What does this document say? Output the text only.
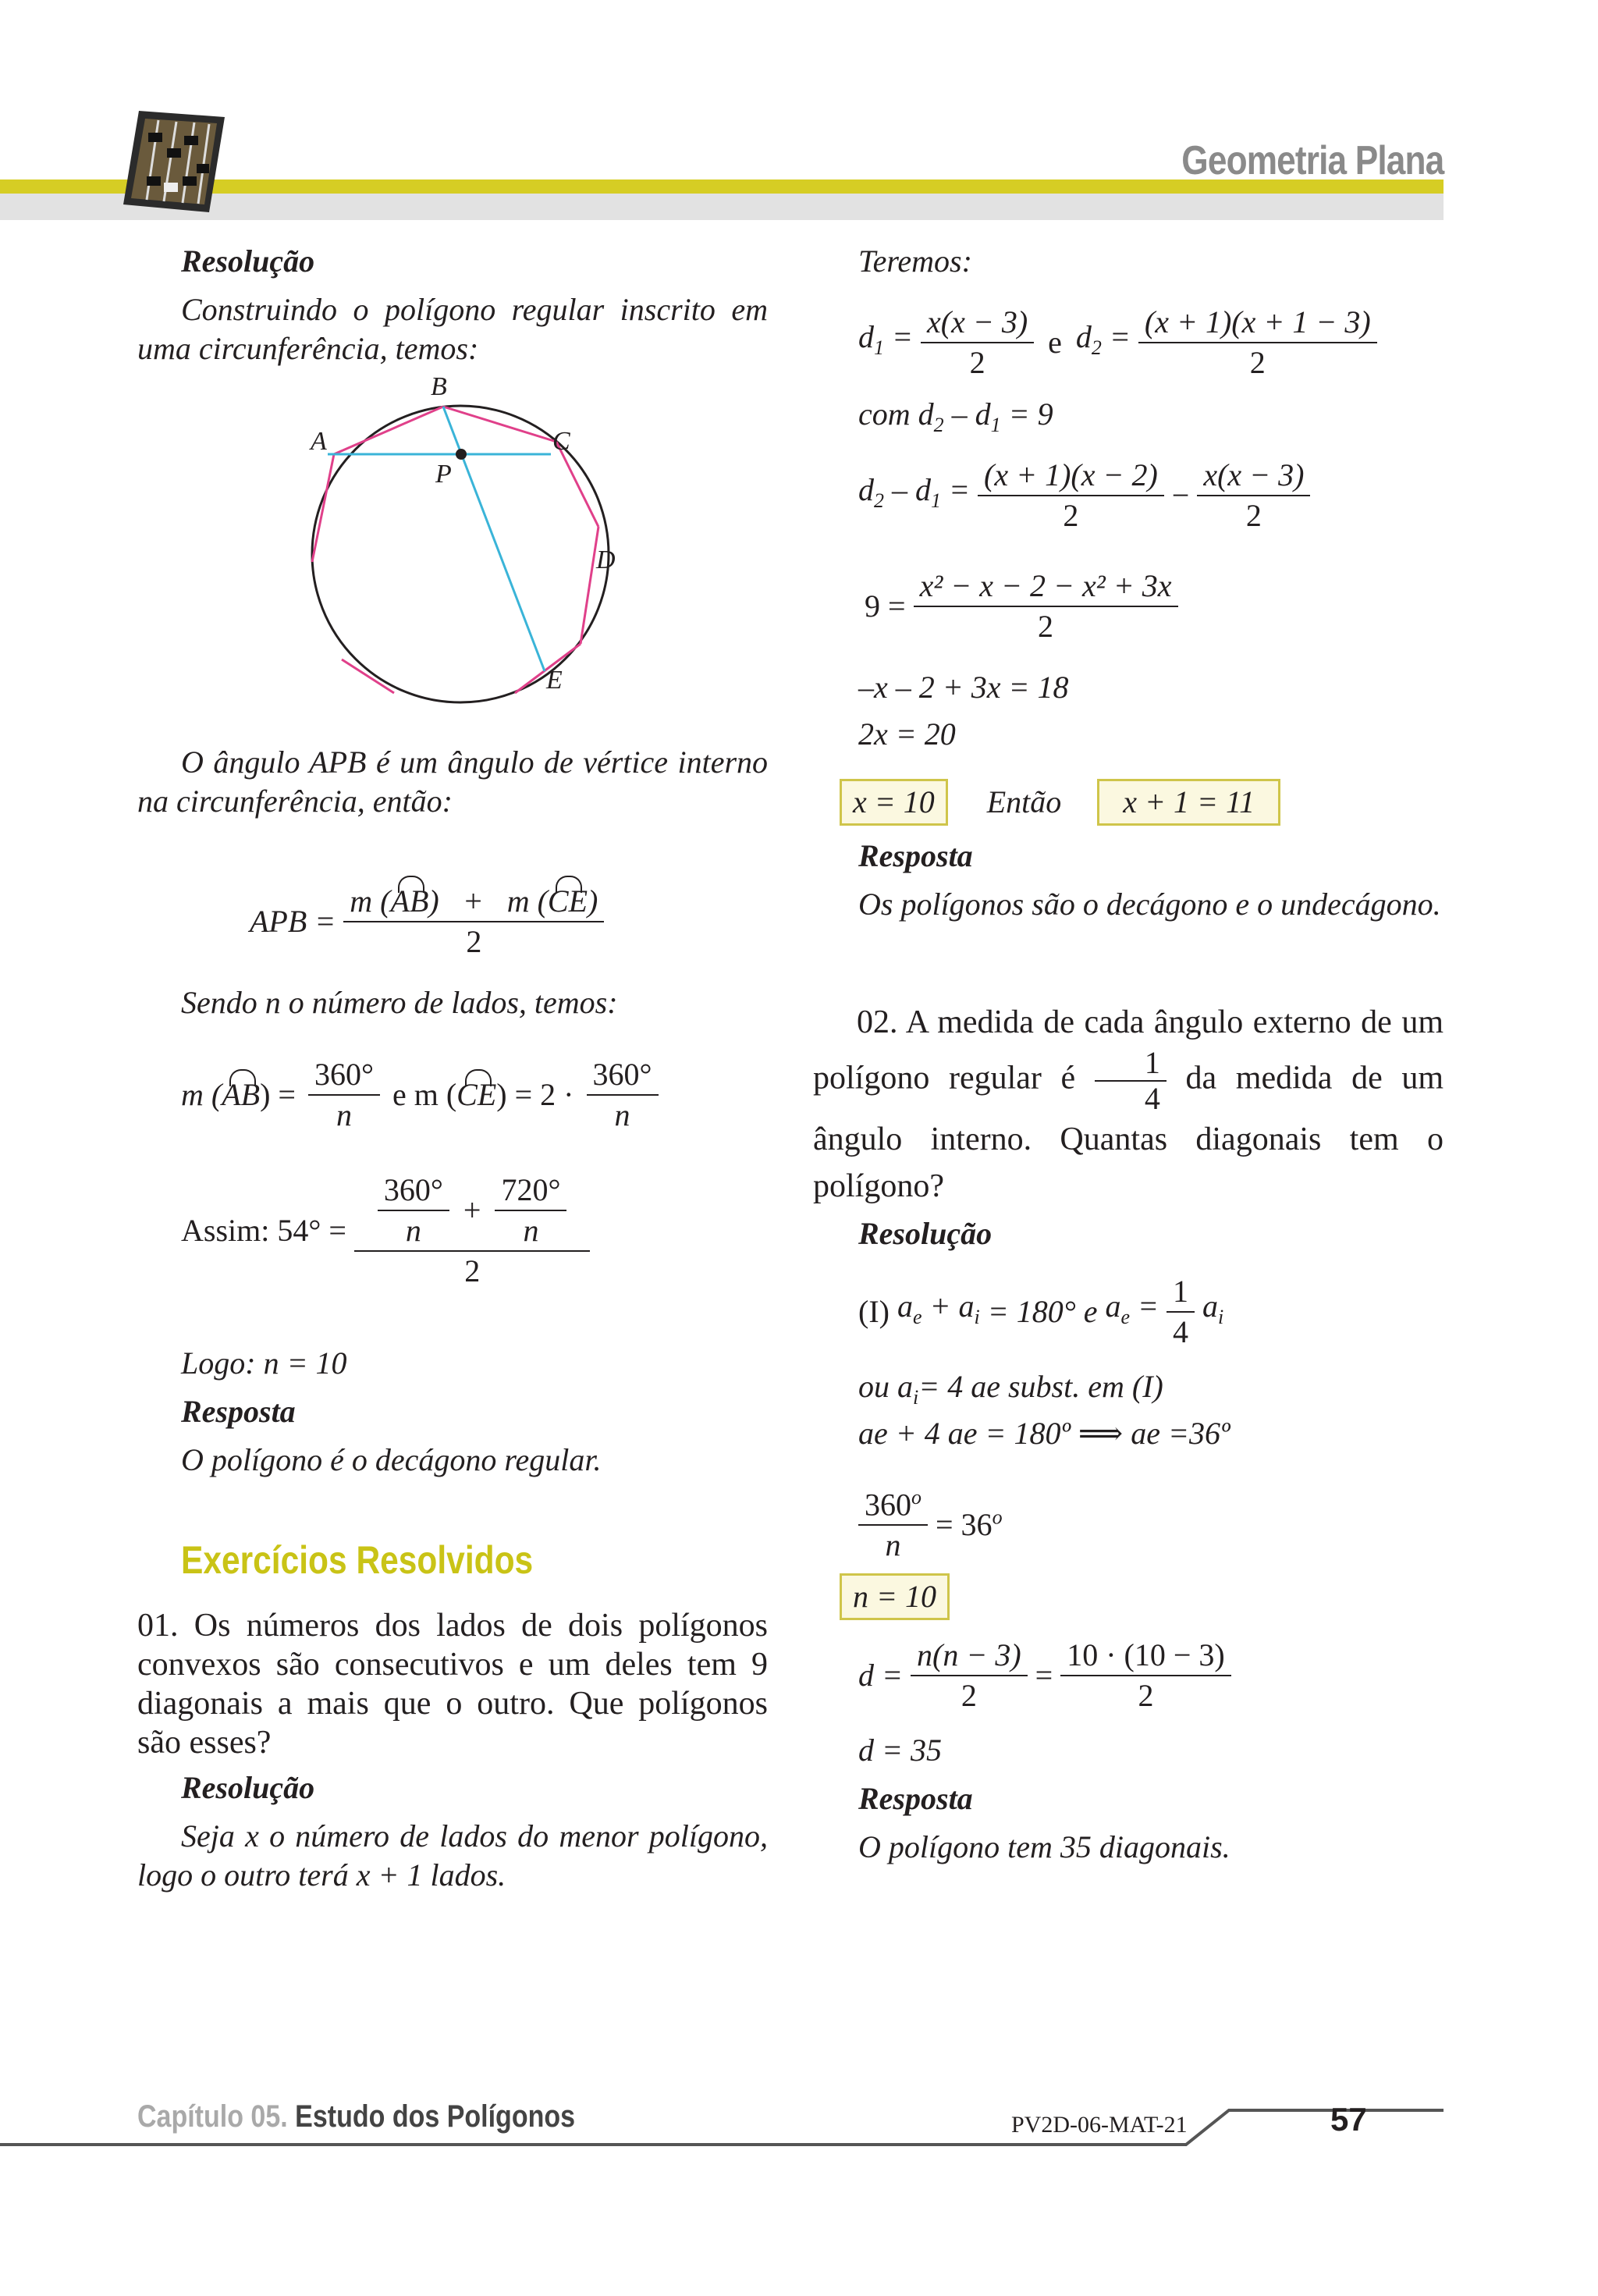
Geometria Plana
Resolução
Construindo o polígono regular inscrito em uma circunferência, temos:
B
A	C
P
D
E
O ângulo APB é um ângulo de vértice interno na circunferência, então:
APB = $\frac{m (AB) + m (CE)}{2}$
Sendo n o número de lados, temos:
m $(AB) = \frac{360^\circ}{n}$ e m $(CE) = 2 \cdot \frac{360^\circ}{n}$
Assim: $54^\circ = \frac{\frac{360^\circ}{n} + \frac{720^\circ}{n}}{2}$
Logo: n = 10
Resposta
O polígono é o decágono regular.
Exercícios Resolvidos
01. Os números dos lados de dois polígonos convexos são consecutivos e um deles tem 9 diagonais a mais que o outro. Que polígonos são esses?
Resolução
Seja x o número de lados do menor polígono, logo o outro terá x + 1 lados.
Teremos:
$d_1 = \frac{x(x - 3)}{2}$ e $d_2 = \frac{(x + 1)(x + 1 - 3)}{2}$
com $d_2 - d_1 = 9$
$d_2 - d_1 = \frac{(x + 1)(x - 2)}{2} - \frac{x(x - 3)}{2}$
$9 = \frac{\text{x² − x − 2 − x² + 3x}}{2}$
–x – 2 + 3x = 18
2x = 20
x = 10 Então x + 1 = 11
Resposta
Os polígonos são o decágono e o undecágono.
02. A medida de cada ângulo externo de um polígono regular é $\frac{1}{4}$ da medida de um ângulo interno. Quantas diagonais tem o polígono?
Resolução
(I) $a_e + a_i = 180^\circ$ e $a_e = \frac{1}{4} a_i$
ou $a_i= 4$ ae subst. em (I)
ae + 4 ae = 180º ⟹ ae =36º
$\frac{360^o}{n} = 36^o$
n = 10
$d = \frac{n(n - 3)}{2} = \frac{10 \cdot (10 - 3)}{2}$
d = 35
Resposta
O polígono tem 35 diagonais.
Capítulo 05. Estudo dos Polígonos	PV2D-06-MAT-21	57
